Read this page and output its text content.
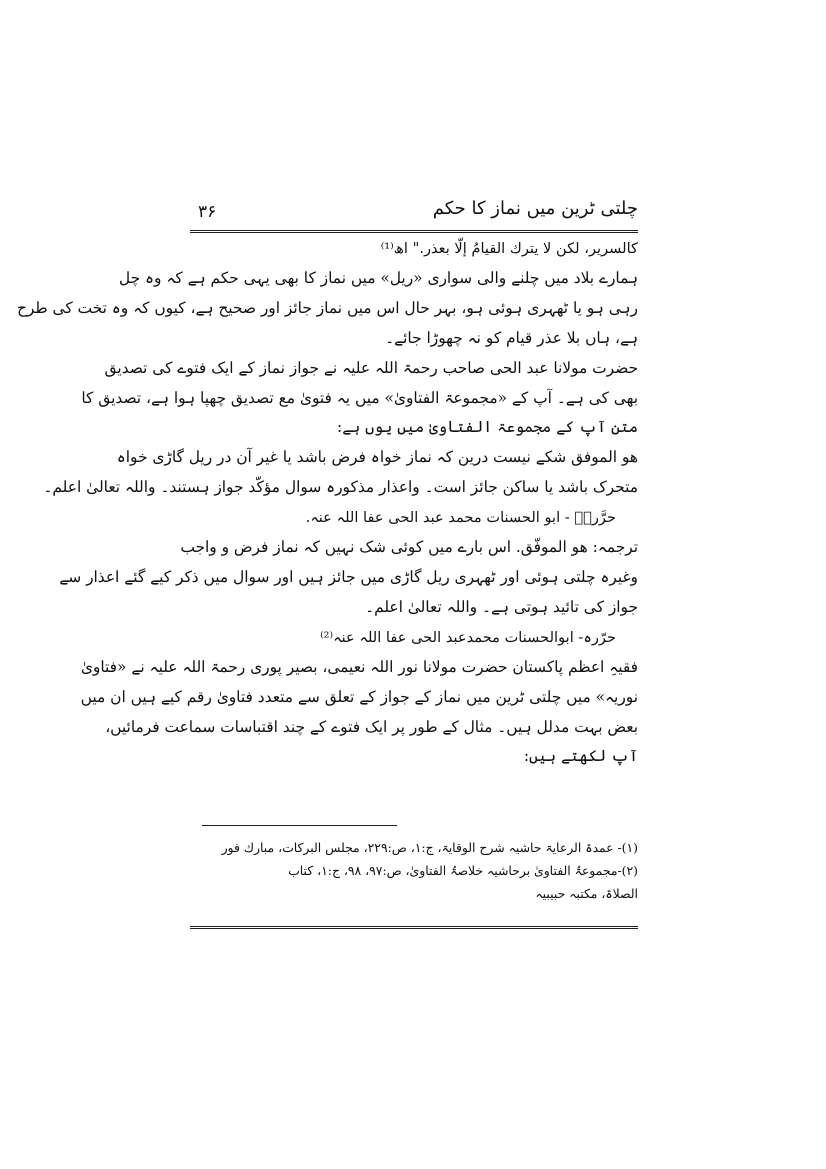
چلتی ٹرین میں نماز کا حکم
۳۶
کالسریر، لکن لا یترك القیامُ إلّا بعذر." اھ⁽¹⁾
ہمارے بلاد میں چلنے والی سواری «ریل» میں نماز کا بھی یہی حکم ہے کہ وہ چل
رہی ہو یا ٹھہری ہوئی ہو، بہر حال اس میں نماز جائز اور صحیح ہے، کیوں کہ وہ تخت کی طرح
ہے، ہاں بلا عذر قیام کو نہ چھوڑا جائے۔
حضرت مولانا عبد الحی صاحب رحمۃ اللہ علیہ نے جواز نماز کے ایک فتوے کی تصدیق
بھی کی ہے۔ آپ کے «مجموعۃ الفتاویٰ» میں یہ فتویٰ مع تصدیق چھپا ہوا ہے، تصدیق کا
متن آپ کے مجموعۃ الفتاویٰ میں یوں ہے:
ھو الموفق شکے نیست درین کہ نماز خواہ فرض باشد یا غیر آن در ریل گاڑی خواہ
متحرک باشد یا ساکن جائز است۔ واعذار مذکورہ سوال مؤکّد جواز ہستند۔ واللہ تعالیٰ اعلم۔
حرَّرہٗ - ابو الحسنات محمد عبد الحی عفا اللہ عنہ.
ترجمہ: ھو الموفّق. اس بارے میں کوئی شک نہیں کہ نماز فرض و واجب
وغیرہ چلتی ہوئی اور ٹھہری ریل گاڑی میں جائز ہیں اور سوال میں ذکر کیے گئے اعذار سے
جواز کی تائید ہوتی ہے۔ واللہ تعالیٰ اعلم۔
حرّرہ- ابوالحسنات محمدعبد الحی عفا اللہ عنہ⁽²⁾
فقیہِ اعظم پاکستان حضرت مولانا نور اللہ نعیمی، بصیر پوری رحمۃ اللہ علیہ نے «فتاویٰ
نوریہ» میں چلتی ٹرین میں نماز کے جواز کے تعلق سے متعدد فتاویٰ رقم کیے ہیں ان میں
بعض بہت مدلل ہیں۔ مثال کے طور پر ایک فتوے کے چند اقتباسات سماعت فرمائیں،
آپ لکھتے ہیں:
(۱)- عمدۃ الرعایۃ حاشیہ شرح الوقایۃ، ج:۱، ص:۲۲۹، مجلس البرکات، مبارك فور
(۲)-مجموعۃُ الفتاویٰ برحاشیہ خلاصۃُ الفتاویٰ، ص:۹۷، ۹۸، ج:۱، کتاب
الصلاۃ، مکتبہ حبیبیہ
